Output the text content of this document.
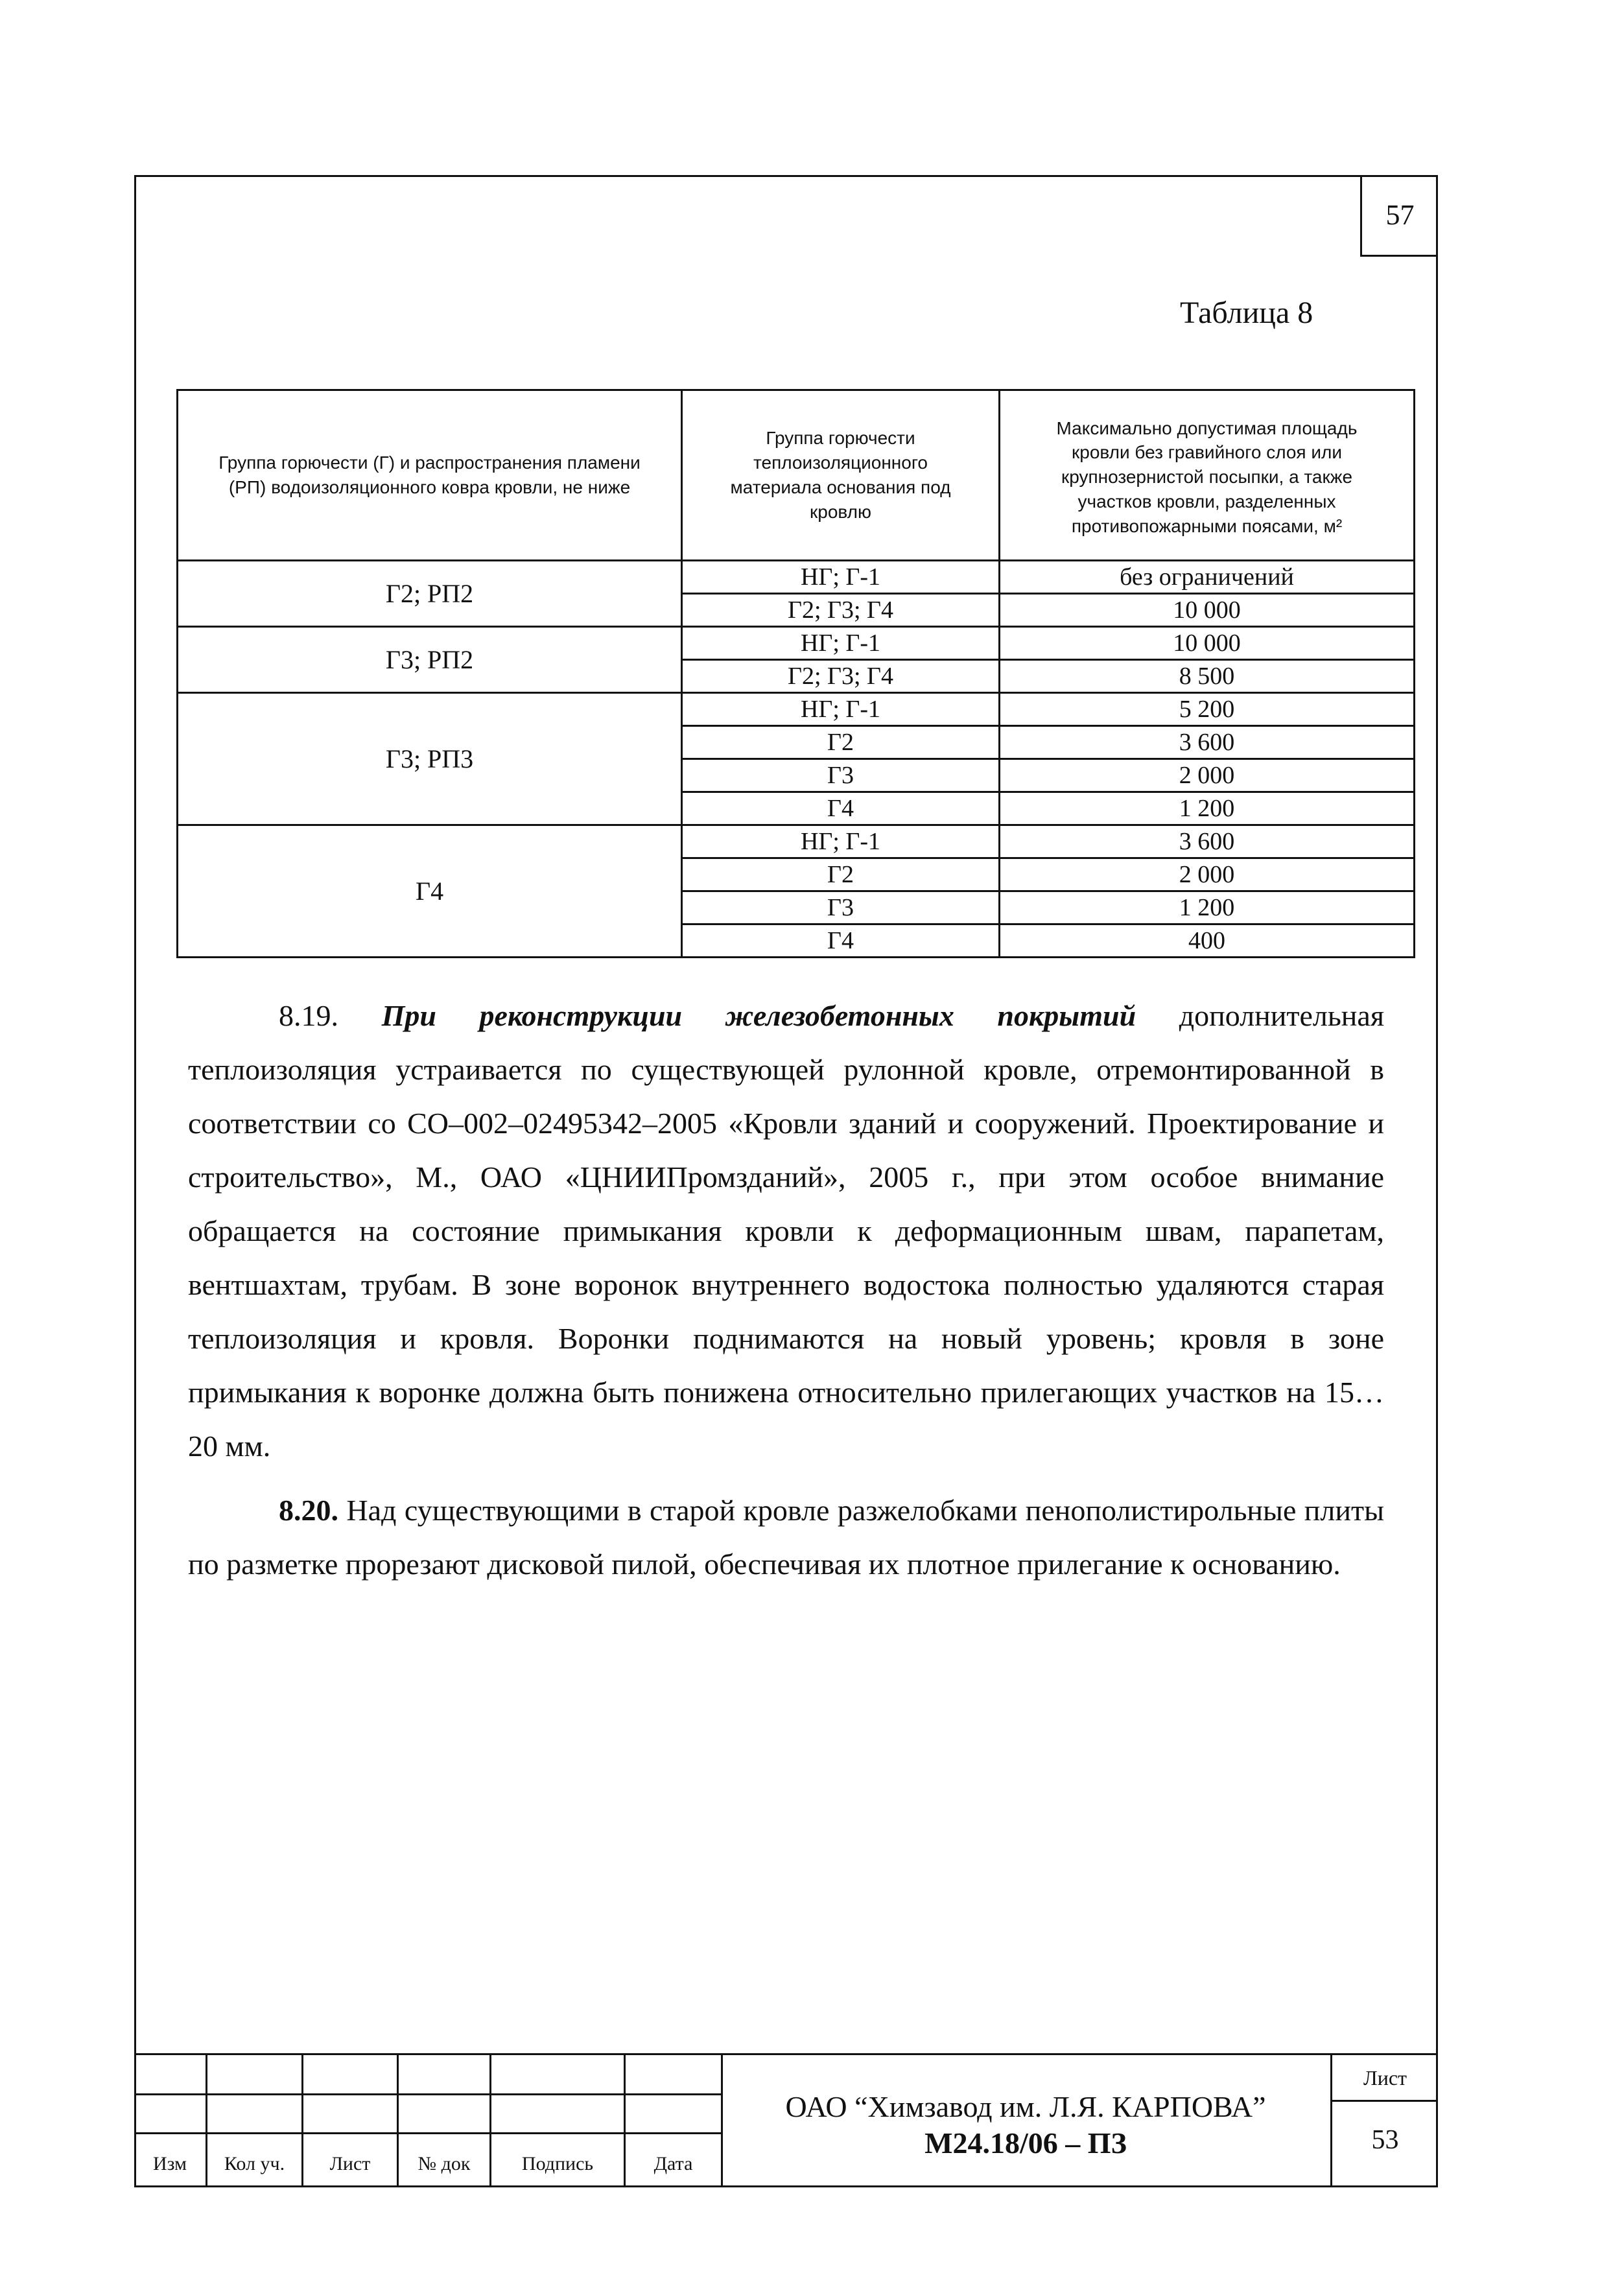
57
Таблица 8
Группа горючести (Г) и распространения пламени (РП) водоизоляционного ковра кровли, не ниже	Группа горючести теплоизоляционного материала основания под кровлю	Максимально допустимая площадь кровли без гравийного слоя или крупнозернистой посыпки, а также участков кровли, разделенных противопожарными поясами, м²
Г2; РП2	НГ; Г-1	без ограничений
	Г2; Г3; Г4	10 000
Г3; РП2	НГ; Г-1	10 000
	Г2; Г3; Г4	8 500
Г3; РП3	НГ; Г-1	5 200
	Г2	3 600
	Г3	2 000
	Г4	1 200
Г4	НГ; Г-1	3 600
	Г2	2 000
	Г3	1 200
	Г4	400

8.19. При реконструкции железобетонных покрытий дополнительная теплоизоляция устраивается по существующей рулонной кровле, отремонтированной в соответствии со СО–002–02495342–2005 «Кровли зданий и сооружений. Проектирование и строительство», М., ОАО «ЦНИИПромзданий», 2005 г., при этом особое внимание обращается на состояние примыкания кровли к деформационным швам, парапетам, вентшахтам, трубам. В зоне воронок внутреннего водостока полностью удаляются старая теплоизоляция и кровля. Воронки поднимаются на новый уровень; кровля в зоне примыкания к воронке должна быть понижена относительно прилегающих участков на 15…20 мм.

8.20. Над существующими в старой кровле разжелобками пенополистирольные плиты по разметке прорезают дисковой пилой, обеспечивая их плотное прилегание к основанию.

Изм	Кол уч.	Лист	№ док	Подпись	Дата
ОАО “Химзавод им. Л.Я. КАРПОВА”
М24.18/06 – ПЗ
Лист
53
